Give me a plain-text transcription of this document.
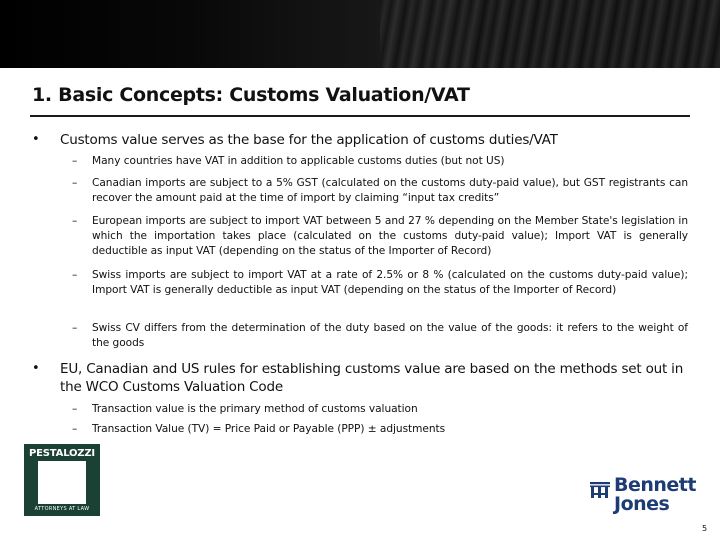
1. Basic Concepts: Customs Valuation/VAT
• Customs value serves as the base for the application of customs duties/VAT
– Many countries have VAT in addition to applicable customs duties (but not US)
– Canadian imports are subject to a 5% GST (calculated on the customs duty-paid value), but GST registrants can recover the amount paid at the time of import by claiming “input tax credits”
– European imports are subject to import VAT between 5 and 27 % depending on the Member State's legislation in which the importation takes place (calculated on the customs duty-paid value); Import VAT is generally deductible as input VAT (depending on the status of the Importer of Record)
– Swiss imports are subject to import VAT at a rate of 2.5% or 8 % (calculated on the customs duty-paid value); Import VAT is generally deductible as input VAT (depending on the status of the Importer of Record)
– Swiss CV differs from the determination of the duty based on the value of the goods: it refers to the weight of the goods
• EU, Canadian and US rules for establishing customs value are based on the methods set out in the WCO Customs Valuation Code
– Transaction value is the primary method of customs valuation
– Transaction Value (TV) = Price Paid or Payable (PPP) ± adjustments
PESTALOZZI
ATTORNEYS AT LAW
Bennett
Jones
5
